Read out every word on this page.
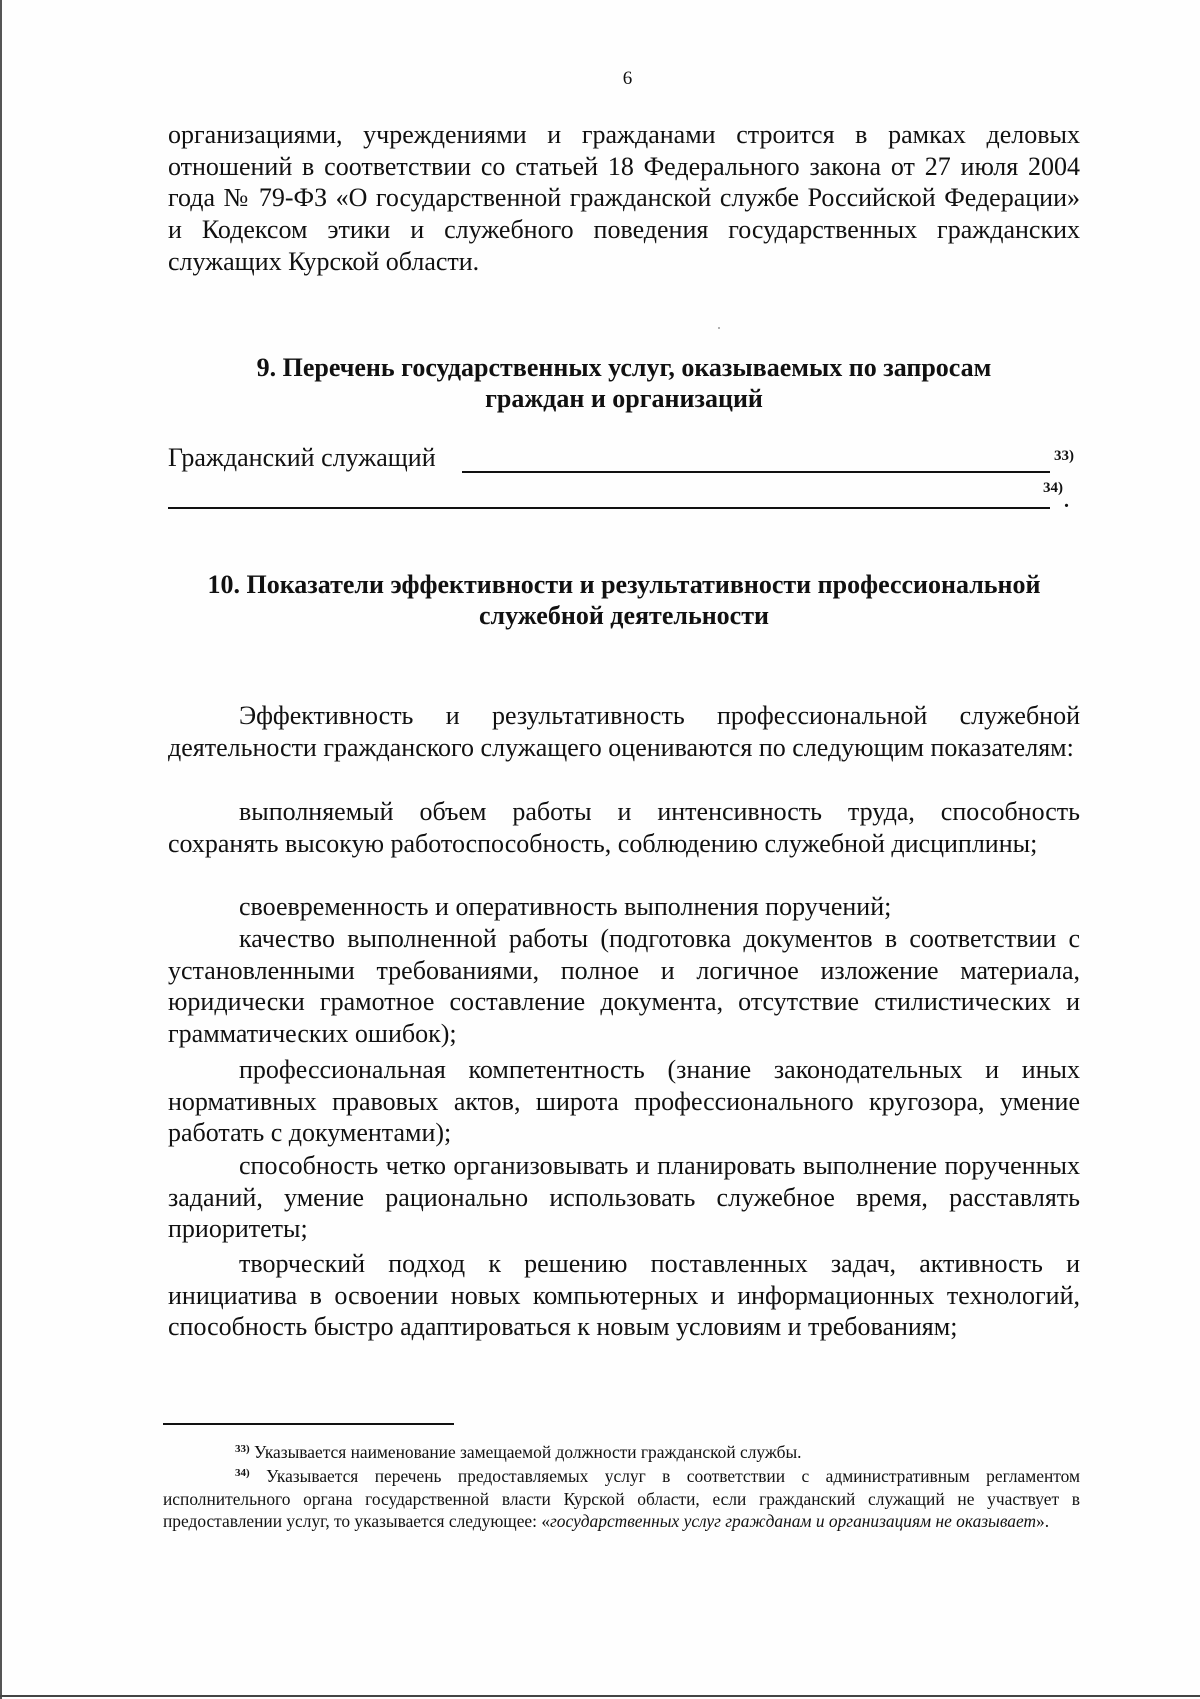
6
организациями, учреждениями и гражданами строится в рамках деловых отношений в соответствии со статьей 18 Федерального закона от 27 июля 2004 года № 79-ФЗ «О государственной гражданской службе Российской Федерации» и Кодексом этики и служебного поведения государственных гражданских служащих Курской области.
9. Перечень государственных услуг, оказываемых по запросам
граждан и организаций
Гражданский служащий	33)
34)
.
10. Показатели эффективности и результативности профессиональной
служебной деятельности
Эффективность и результативность профессиональной служебной деятельности гражданского служащего оцениваются по следующим показателям:
выполняемый объем работы и интенсивность труда, способность сохранять высокую работоспособность, соблюдению служебной дисциплины;
своевременность и оперативность выполнения поручений;
качество выполненной работы (подготовка документов в соответствии с установленными требованиями, полное и логичное изложение материала, юридически грамотное составление документа, отсутствие стилистических и грамматических ошибок);
профессиональная компетентность (знание законодательных и иных нормативных правовых актов, широта профессионального кругозора, умение работать с документами);
способность четко организовывать и планировать выполнение порученных заданий, умение рационально использовать служебное время, расставлять приоритеты;
творческий подход к решению поставленных задач, активность и инициатива в освоении новых компьютерных и информационных технологий, способность быстро адаптироваться к новым условиям и требованиям;
$^{33)}$ Указывается наименование замещаемой должности гражданской службы.
$^{34)}$ Указывается перечень предоставляемых услуг в соответствии с административным регламентом исполнительного органа государственной власти Курской области, если гражданский служащий не участвует в предоставлении услуг, то указывается следующее: «государственных услуг гражданам и организациям не оказывает».
